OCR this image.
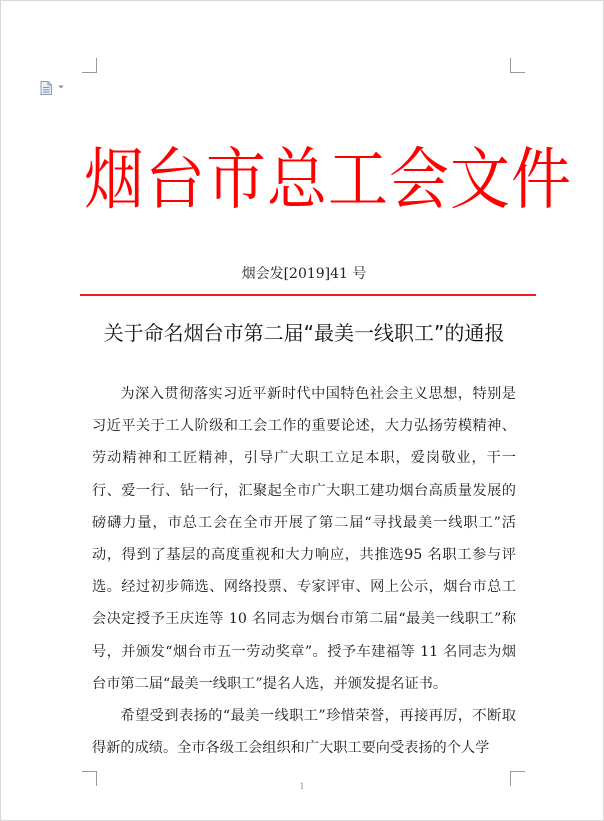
烟台市总工会文件
烟会发[2019]41 号
关于命名烟台市第二届“最美一线职工”的通报

为深入贯彻落实习近平新时代中国特色社会主义思想，特别是习近平关于工人阶级和工会工作的重要论述，大力弘扬劳模精神、劳动精神和工匠精神，引导广大职工立足本职，爱岗敬业，干一行、爱一行、钻一行，汇聚起全市广大职工建功烟台高质量发展的磅礴力量，市总工会在全市开展了第二届“寻找最美一线职工”活动，得到了基层的高度重视和大力响应，共推选95 名职工参与评选。经过初步筛选、网络投票、专家评审、网上公示，烟台市总工会决定授予王庆连等 10 名同志为烟台市第二届“最美一线职工”称号，并颁发“烟台市五一劳动奖章”。授予车建福等 11 名同志为烟台市第二届“最美一线职工”提名人选，并颁发提名证书。

希望受到表扬的“最美一线职工”珍惜荣誉，再接再厉，不断取得新的成绩。全市各级工会组织和广大职工要向受表扬的个人学

1
